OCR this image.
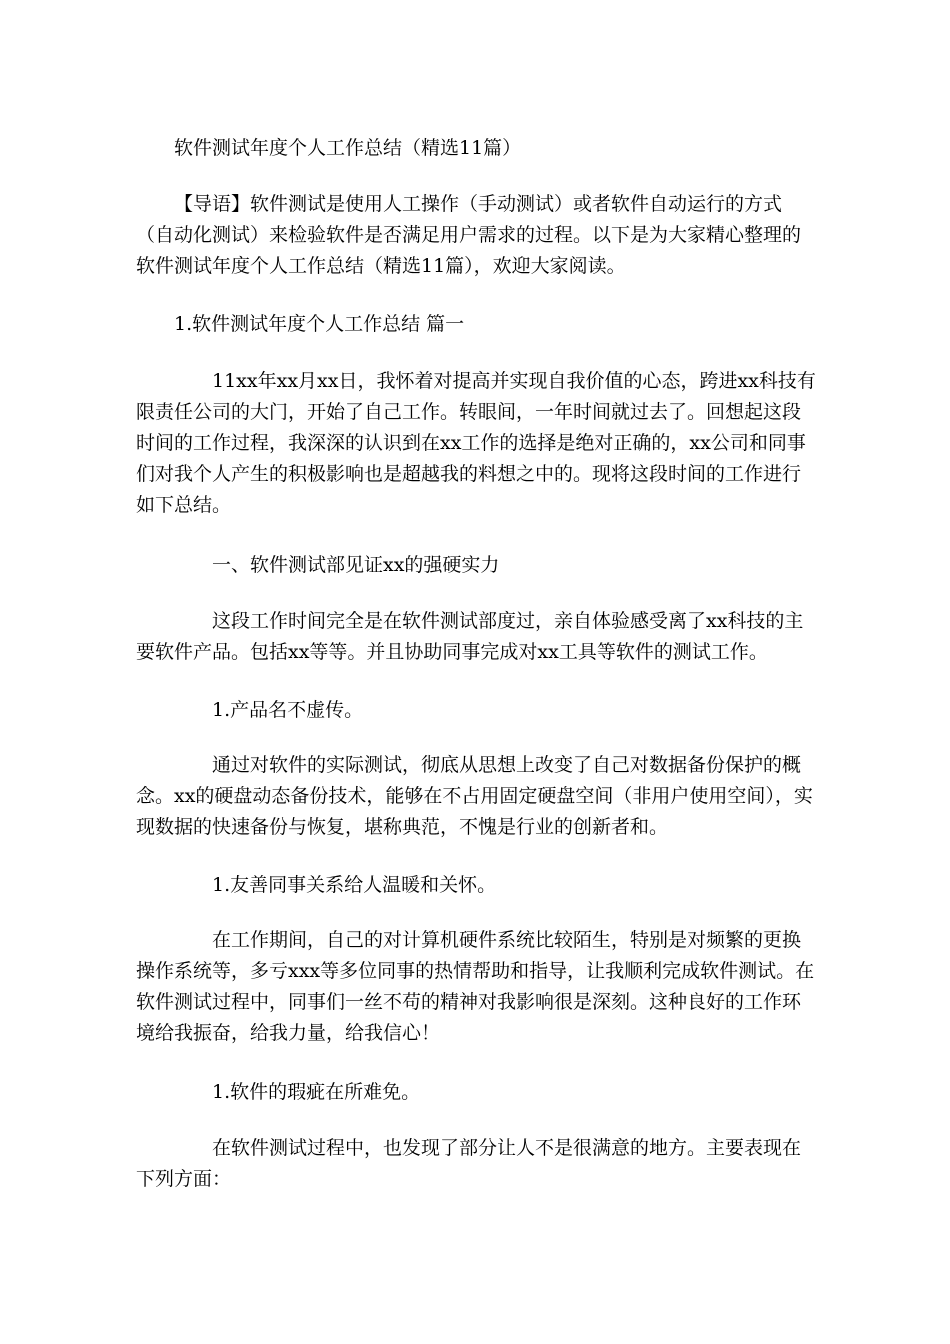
软件测试年度个人工作总结（精选11篇）

【导语】软件测试是使用人工操作（手动测试）或者软件自动运行的方式（自动化测试）来检验软件是否满足用户需求的过程。以下是为大家精心整理的软件测试年度个人工作总结（精选11篇），欢迎大家阅读。

1.软件测试年度个人工作总结 篇一

11xx年xx月xx日，我怀着对提高并实现自我价值的心态，跨进xx科技有限责任公司的大门，开始了自己工作。转眼间，一年时间就过去了。回想起这段时间的工作过程，我深深的认识到在xx工作的选择是绝对正确的，xx公司和同事们对我个人产生的积极影响也是超越我的料想之中的。现将这段时间的工作进行如下总结。

一、软件测试部见证xx的强硬实力

这段工作时间完全是在软件测试部度过，亲自体验感受离了xx科技的主要软件产品。包括xx等等。并且协助同事完成对xx工具等软件的测试工作。

1.产品名不虚传。

通过对软件的实际测试，彻底从思想上改变了自己对数据备份保护的概念。xx的硬盘动态备份技术，能够在不占用固定硬盘空间（非用户使用空间），实现数据的快速备份与恢复，堪称典范，不愧是行业的创新者和。

1.友善同事关系给人温暖和关怀。

在工作期间，自己的对计算机硬件系统比较陌生，特别是对频繁的更换操作系统等，多亏xxx等多位同事的热情帮助和指导，让我顺利完成软件测试。在软件测试过程中，同事们一丝不苟的精神对我影响很是深刻。这种良好的工作环境给我振奋，给我力量，给我信心！

1.软件的瑕疵在所难免。

在软件测试过程中，也发现了部分让人不是很满意的地方。主要表现在下列方面：
